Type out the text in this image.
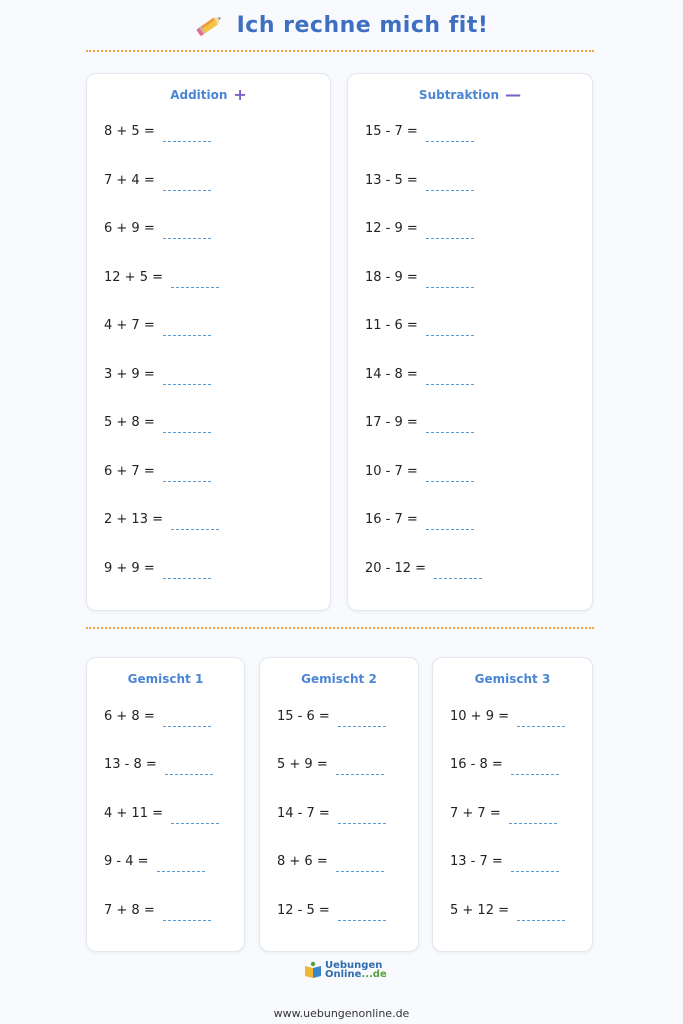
Ich rechne mich fit!
Addition +
8 + 5 =
7 + 4 =
6 + 9 =
12 + 5 =
4 + 7 =
3 + 9 =
5 + 8 =
6 + 7 =
2 + 13 =
9 + 9 =
Subtraktion —
15 - 7 =
13 - 5 =
12 - 9 =
18 - 9 =
11 - 6 =
14 - 8 =
17 - 9 =
10 - 7 =
16 - 7 =
20 - 12 =
Gemischt 1
6 + 8 =
13 - 8 =
4 + 11 =
9 - 4 =
7 + 8 =
Gemischt 2
15 - 6 =
5 + 9 =
14 - 7 =
8 + 6 =
12 - 5 =
Gemischt 3
10 + 9 =
16 - 8 =
7 + 7 =
13 - 7 =
5 + 12 =
Uebungen
Online...de
www.uebungenonline.de
